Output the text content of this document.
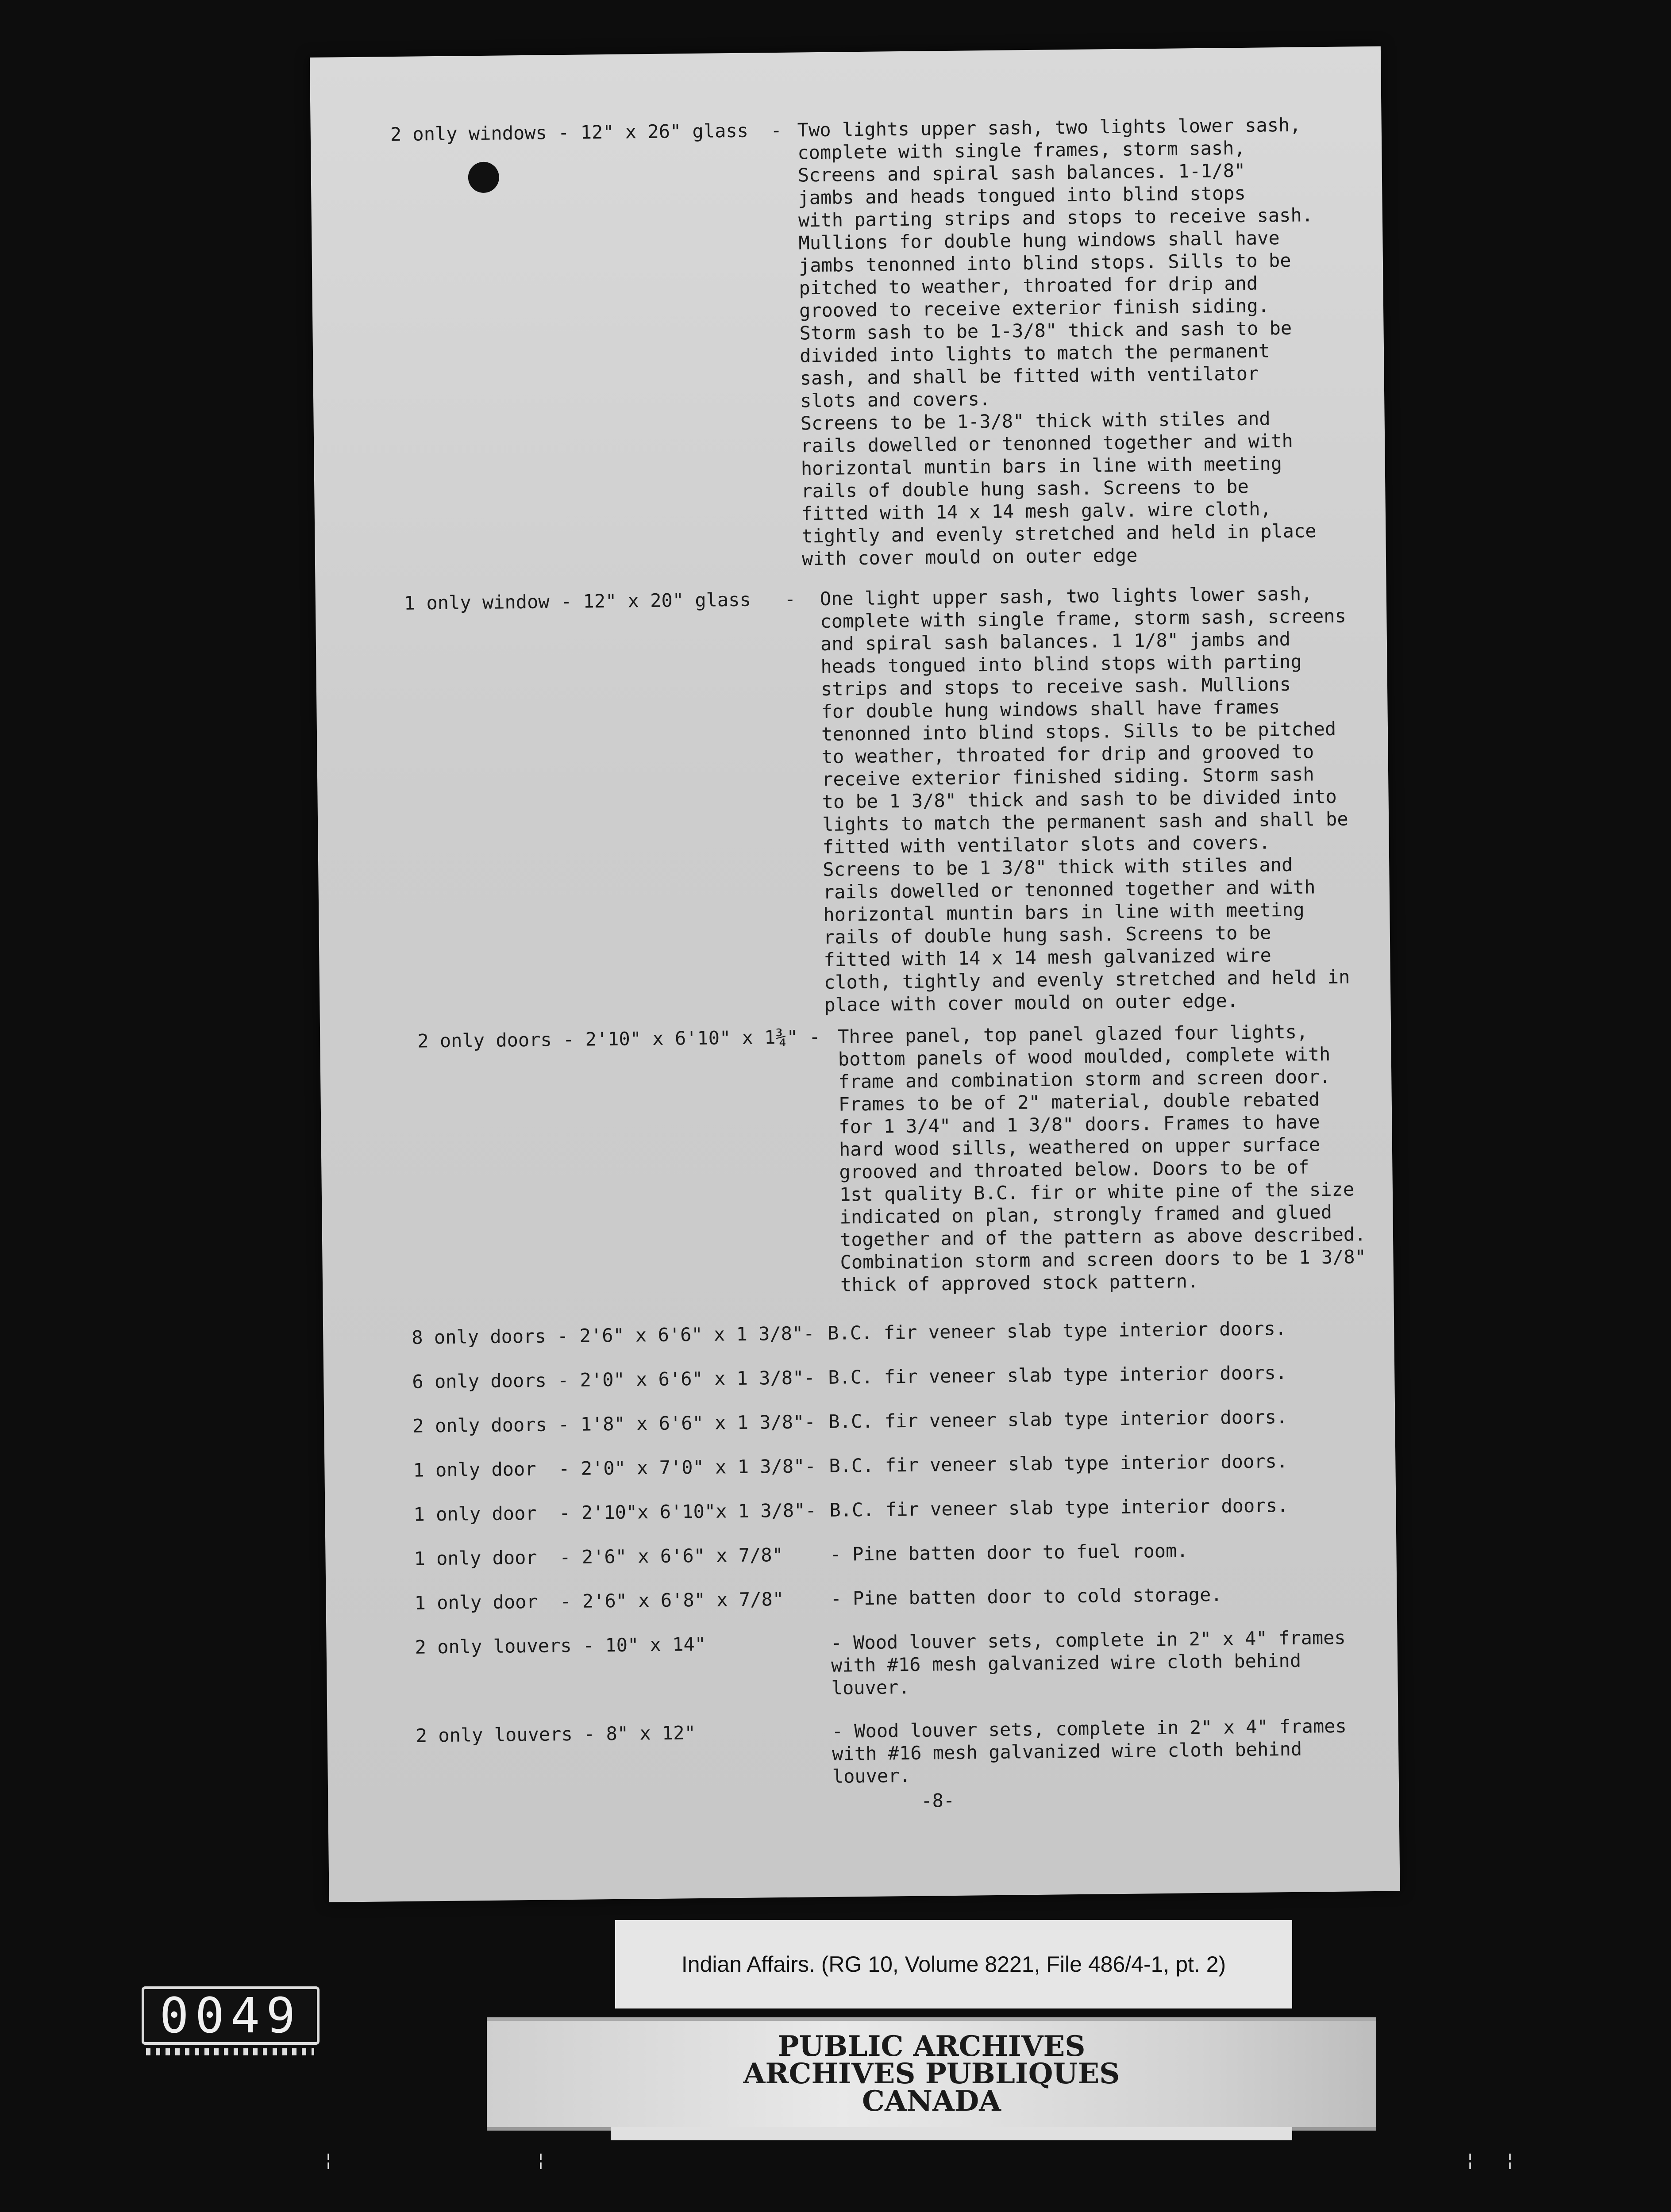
2 only windows - 12" x 26" glass  - Two lights upper sash, two lights lower sash,
complete with single frames, storm sash,
Screens and spiral sash balances. 1-1/8"
jambs and heads tongued into blind stops
with parting strips and stops to receive sash.
Mullions for double hung windows shall have
jambs tenonned into blind stops. Sills to be
pitched to weather, throated for drip and
grooved to receive exterior finish siding.
Storm sash to be 1-3/8" thick and sash to be
divided into lights to match the permanent
sash, and shall be fitted with ventilator
slots and covers.
Screens to be 1-3/8" thick with stiles and
rails dowelled or tenonned together and with
horizontal muntin bars in line with meeting
rails of double hung sash. Screens to be
fitted with 14 x 14 mesh galv. wire cloth,
tightly and evenly stretched and held in place
with cover mould on outer edge
1 only window - 12" x 20" glass   - One light upper sash, two lights lower sash,
complete with single frame, storm sash, screens
and spiral sash balances. 1 1/8" jambs and
heads tongued into blind stops with parting
strips and stops to receive sash. Mullions
for double hung windows shall have frames
tenonned into blind stops. Sills to be pitched
to weather, throated for drip and grooved to
receive exterior finished siding. Storm sash
to be 1 3/8" thick and sash to be divided into
lights to match the permanent sash and shall be
fitted with ventilator slots and covers.
Screens to be 1 3/8" thick with stiles and
rails dowelled or tenonned together and with
horizontal muntin bars in line with meeting
rails of double hung sash. Screens to be
fitted with 14 x 14 mesh galvanized wire
cloth, tightly and evenly stretched and held in
place with cover mould on outer edge.
2 only doors - 2'10" x 6'10" x 1¾" - Three panel, top panel glazed four lights,
bottom panels of wood moulded, complete with
frame and combination storm and screen door.
Frames to be of 2" material, double rebated
for 1 3/4" and 1 3/8" doors. Frames to have
hard wood sills, weathered on upper surface
grooved and throated below. Doors to be of
1st quality B.C. fir or white pine of the size
indicated on plan, strongly framed and glued
together and of the pattern as above described.
Combination storm and screen doors to be 1 3/8"
thick of approved stock pattern.
8 only doors - 2'6" x 6'6" x 1 3/8"- B.C. fir veneer slab type interior doors.
6 only doors - 2'0" x 6'6" x 1 3/8"- B.C. fir veneer slab type interior doors.
2 only doors - 1'8" x 6'6" x 1 3/8"- B.C. fir veneer slab type interior doors.
1 only door  - 2'0" x 7'0" x 1 3/8"- B.C. fir veneer slab type interior doors.
1 only door  - 2'10"x 6'10"x 1 3/8"- B.C. fir veneer slab type interior doors.
1 only door  - 2'6" x 6'6" x 7/8"	- Pine batten door to fuel room.
1 only door  - 2'6" x 6'8" x 7/8"	- Pine batten door to cold storage.
2 only louvers - 10" x 14"	- Wood louver sets, complete in 2" x 4" frames
with #16 mesh galvanized wire cloth behind
louver.
2 only louvers - 8" x 12"	- Wood louver sets, complete in 2" x 4" frames
with #16 mesh galvanized wire cloth behind
louver.
-8-
0049
Indian Affairs. (RG 10, Volume 8221, File 486/4-1, pt. 2)
PUBLIC ARCHIVES
ARCHIVES PUBLIQUES
CANADA
¦	¦	¦ ¦
